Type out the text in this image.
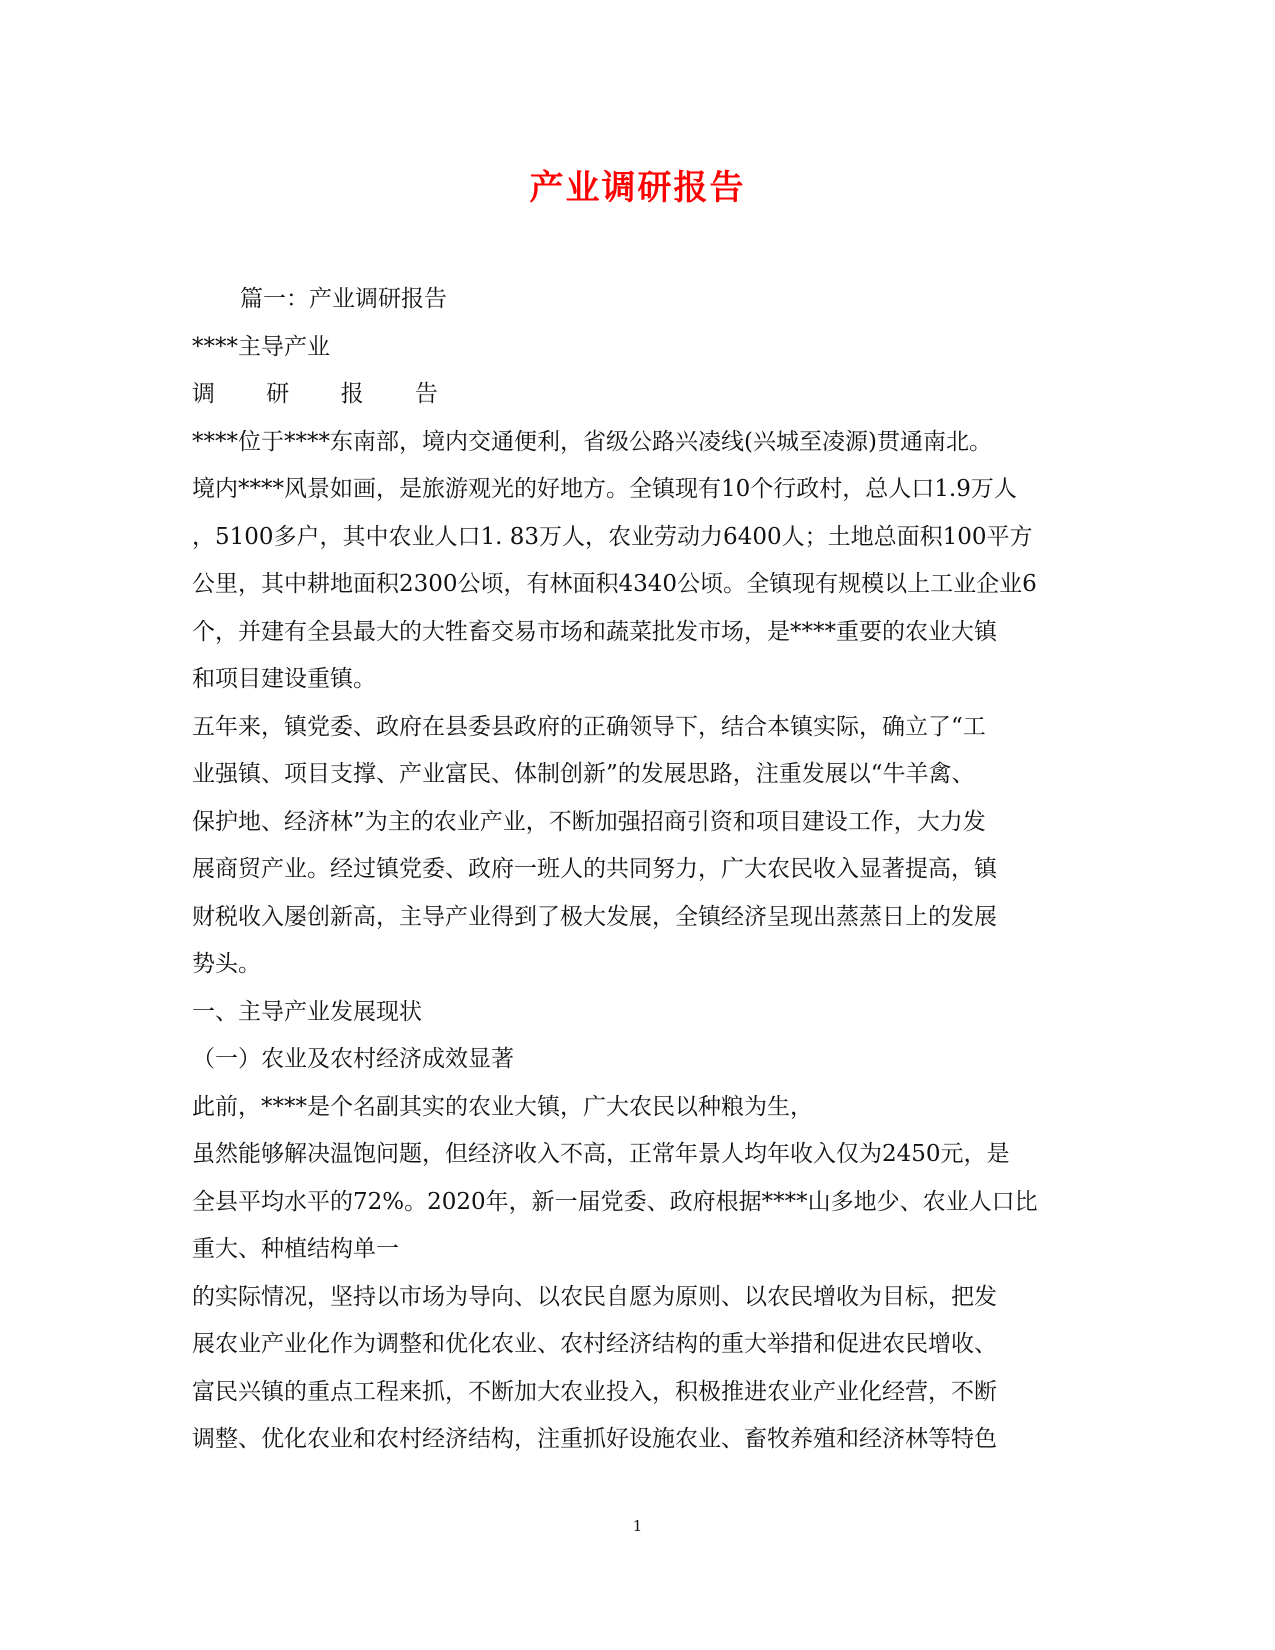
产业调研报告
篇一：产业调研报告
****主导产业
调 研 报 告
****位于****东南部，境内交通便利，省级公路兴凌线(兴城至凌源)贯通南北。
境内****风景如画，是旅游观光的好地方。全镇现有10个行政村，总人口1.9万人
，5100多户，其中农业人口1. 83万人，农业劳动力6400人；土地总面积100平方
公里，其中耕地面积2300公顷，有林面积4340公顷。全镇现有规模以上工业企业6
个，并建有全县最大的大牲畜交易市场和蔬菜批发市场，是****重要的农业大镇
和项目建设重镇。
五年来，镇党委、政府在县委县政府的正确领导下，结合本镇实际，确立了“工
业强镇、项目支撑、产业富民、体制创新”的发展思路，注重发展以“牛羊禽、
保护地、经济林”为主的农业产业，不断加强招商引资和项目建设工作，大力发
展商贸产业。经过镇党委、政府一班人的共同努力，广大农民收入显著提高，镇
财税收入屡创新高，主导产业得到了极大发展，全镇经济呈现出蒸蒸日上的发展
势头。
一、主导产业发展现状
（一）农业及农村经济成效显著
此前，****是个名副其实的农业大镇，广大农民以种粮为生，
虽然能够解决温饱问题，但经济收入不高，正常年景人均年收入仅为2450元，是
全县平均水平的72%。2020年，新一届党委、政府根据****山多地少、农业人口比
重大、种植结构单一
的实际情况，坚持以市场为导向、以农民自愿为原则、以农民增收为目标，把发
展农业产业化作为调整和优化农业、农村经济结构的重大举措和促进农民增收、
富民兴镇的重点工程来抓，不断加大农业投入，积极推进农业产业化经营，不断
调整、优化农业和农村经济结构，注重抓好设施农业、畜牧养殖和经济林等特色
1
